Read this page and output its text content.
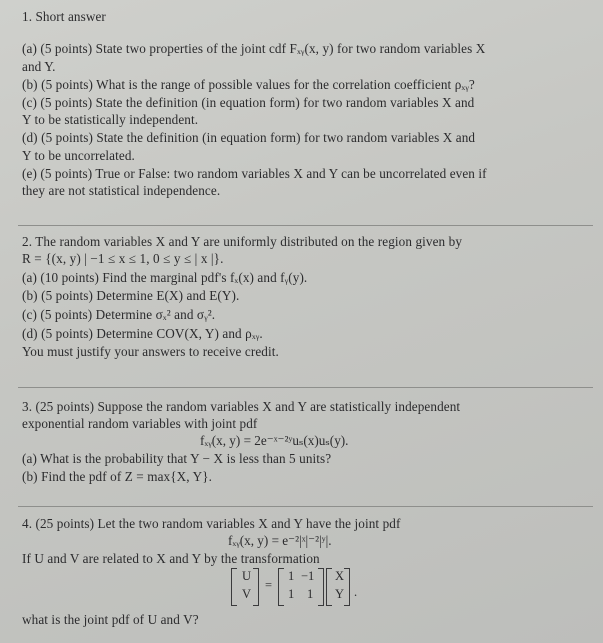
1. Short answer
(a) (5 points) State two properties of the joint cdf Fₓᵧ(x, y) for two random variables X
and Y.
(b) (5 points) What is the range of possible values for the correlation coefficient ρₓᵧ?
(c) (5 points) State the definition (in equation form) for two random variables X and
Y to be statistically independent.
(d) (5 points) State the definition (in equation form) for two random variables X and
Y to be uncorrelated.
(e) (5 points) True or False: two random variables X and Y can be uncorrelated even if
they are not statistical independence.
2. The random variables X and Y are uniformly distributed on the region given by
R = {(x, y) | −1 ≤ x ≤ 1, 0 ≤ y ≤ | x |}.
(a) (10 points) Find the marginal pdf's fₓ(x) and fᵧ(y).
(b) (5 points) Determine E(X) and E(Y).
(c) (5 points) Determine σₓ² and σᵧ².
(d) (5 points) Determine COV(X, Y) and ρₓᵧ.
You must justify your answers to receive credit.
3. (25 points) Suppose the random variables X and Y are statistically independent
exponential random variables with joint pdf
fₓᵧ(x, y) = 2e⁻ˣ⁻²ʸuₛ(x)uₛ(y).
(a) What is the probability that Y − X is less than 5 units?
(b) Find the pdf of Z = max{X, Y}.
4. (25 points) Let the two random variables X and Y have the joint pdf
fₓᵧ(x, y) = e⁻²|ˣ|⁻²|ʸ|.
If U and V are related to X and Y by the transformation
U
V
=
1 −1
1 1
X
Y .
what is the joint pdf of U and V?
